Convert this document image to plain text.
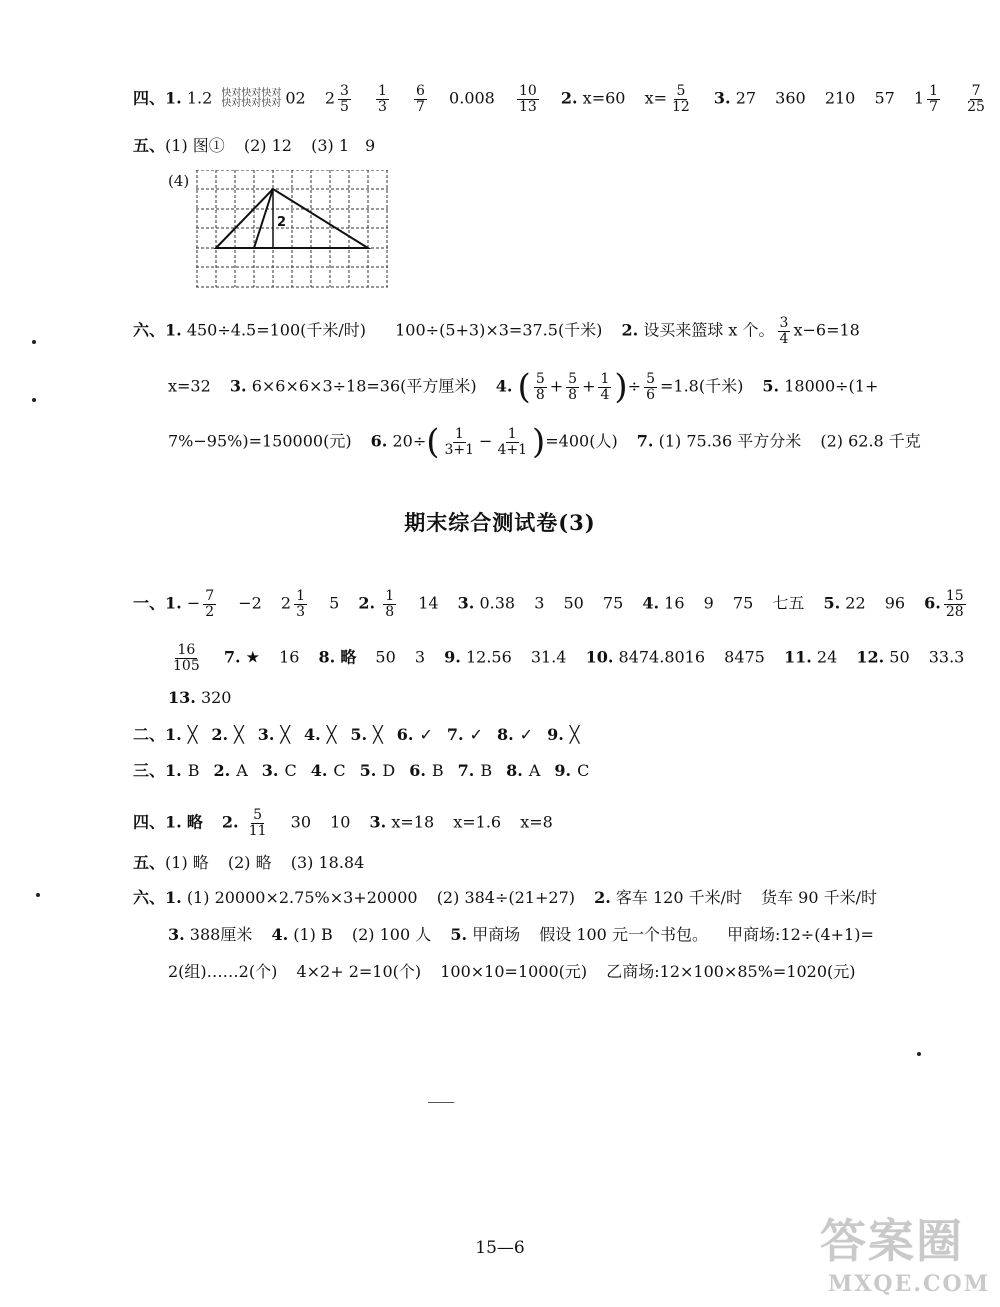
四、1. 1.2 快对快对快对
快对快对快对 02 $2 \frac{3}{5}$
$\frac{1}{3}$
$\frac{6}{7} 0.008 \frac{10}{13} 2$. x=60 $x= \frac{5}{12} 3$. 27 360 210 57 $1 \frac{1}{7}$
$\frac{7}{25}$
五、(1) 图① (2) 12 (3) 1　9
(4)
2
六、1. 450÷4.5=100(千米/时) 100÷(5+3)×3=37.5(千米) 2. 设买来篮球 x 个。 $\frac{3}{4} x-6=18$
x=32 3. 6×6×6×3÷18=36(平方厘米) 4. ( $\frac{5}{8} + \frac{5}{8} + \frac{1}{4}$ )÷ $\frac{5}{6} =1.8$(千米) 5. 18000÷(1+
7%−95%)=150000(元) 6. $20\div( \frac{1}{3+1} - \frac{1}{4+1} )=400$(人) 7. (1) 75.36 平方分米 (2) 62.8 千克
期末综合测试卷(3)
一、1. − $\frac{7}{2} -2$ $2 \frac{1}{3} 5$ 2. $\frac{1}{8} 14$ 3. 0.38 3 50 75 4. 16 9 75 七五 5. 22 96 6. $\frac{15}{28}$
$\frac{16}{105} 7$. ★ 16 8. 略 50 3 9. 12.56 31.4 10. 8474.8016 8475 11. 24 12. 50 33.3
13. 320
二、1. ╳ 2. ╳ 3. ╳ 4. ╳ 5. ╳ 6. ✓ 7. ✓ 8. ✓ 9. ╳
三、1. B 2. A 3. C 4. C 5. D 6. B 7. B 8. A 9. C
四、1. 略 2. $\frac{5}{11} 30$ 10 3. x=18 x=1.6 x=8
五、(1) 略 (2) 略 (3) 18.84
六、1. (1) 20000×2.75%×3+20000 (2) 384÷(21+27) 2. 客车 120 千米/时 货车 90 千米/时
3. 388厘米 4. (1) B (2) 100 人 5. 甲商场 假设 100 元一个书包。 甲商场:12÷(4+1)=
2(组)……2(个) 4×2+ 2=10(个) 100×10=1000(元) 乙商场:12×100×85%=1020(元)
15—6	答案圈
MXQE.COM
